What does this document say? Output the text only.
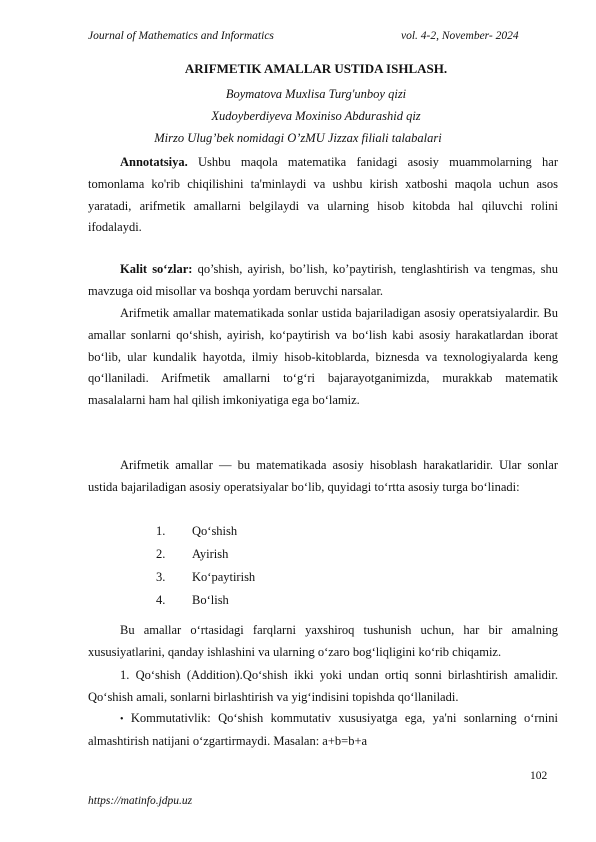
Journal of Mathematics and Informatics	vol. 4-2, November- 2024
ARIFMETIK AMALLAR USTIDA ISHLASH.
Boymatova Muxlisa Turg'unboy qizi
Xudoyberdiyeva Moxiniso Abdurashid qiz
Mirzo Ulug’bek nomidagi O’zMU Jizzax filiali talabalari

Annotatsiya. Ushbu maqola matematika fanidagi asosiy muammolarning har tomonlama ko'rib chiqilishini ta'minlaydi va ushbu kirish xatboshi maqola uchun asos yaratadi, arifmetik amallarni belgilaydi va ularning hisob kitobda hal qiluvchi rolini ifodalaydi.

Kalit so‘zlar: qo’shish, ayirish, bo’lish, ko’paytirish, tenglashtirish va tengmas, shu mavzuga oid misollar va boshqa yordam beruvchi narsalar.

Arifmetik amallar matematikada sonlar ustida bajariladigan asosiy operatsiyalardir. Bu amallar sonlarni qo‘shish, ayirish, ko‘paytirish va bo‘lish kabi asosiy harakatlardan iborat bo‘lib, ular kundalik hayotda, ilmiy hisob-kitoblarda, biznesda va texnologiyalarda keng qo‘llaniladi. Arifmetik amallarni to‘g‘ri bajarayotganimizda, murakkab matematik masalalarni ham hal qilish imkoniyatiga ega bo‘lamiz.

Arifmetik amallar — bu matematikada asosiy hisoblash harakatlaridir. Ular sonlar ustida bajariladigan asosiy operatsiyalar bo‘lib, quyidagi to‘rtta asosiy turga bo‘linadi:

1. Qo‘shish
2. Ayirish
3. Ko‘paytirish
4. Bo‘lish

Bu amallar o‘rtasidagi farqlarni yaxshiroq tushunish uchun, har bir amalning xususiyatlarini, qanday ishlashini va ularning o‘zaro bog‘liqligini ko‘rib chiqamiz.

1. Qo‘shish (Addition).Qo‘shish ikki yoki undan ortiq sonni birlashtirish amalidir. Qo‘shish amali, sonlarni birlashtirish va yig‘indisini topishda qo‘llaniladi.

• Kommutativlik: Qo‘shish kommutativ xususiyatga ega, ya'ni sonlarning o‘rnini almashtirish natijani o‘zgartirmaydi. Masalan: a+b=b+a

102
https://matinfo.jdpu.uz
